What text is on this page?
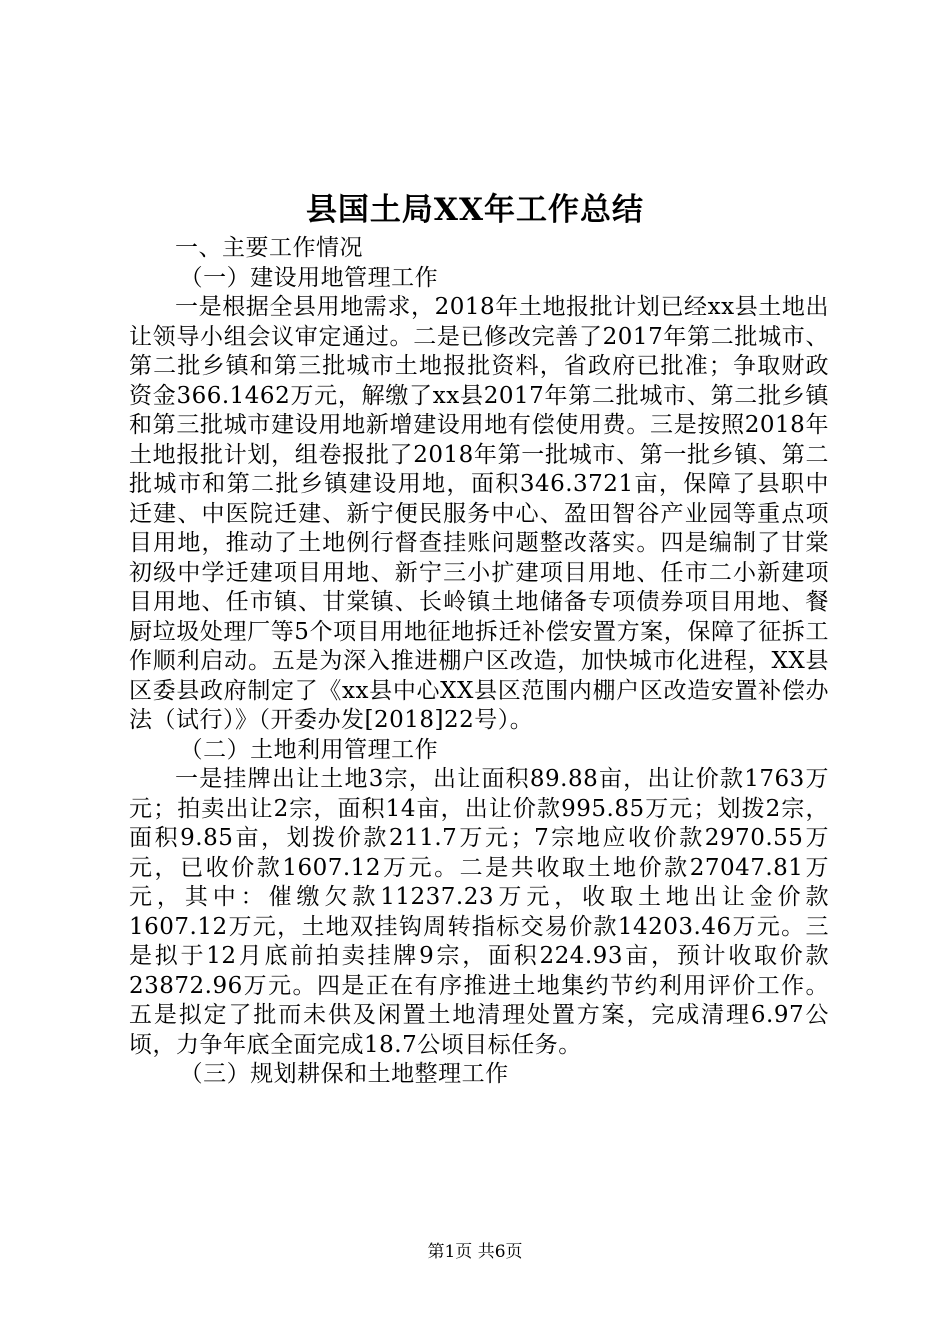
县国土局XX年工作总结

一、主要工作情况

（一）建设用地管理工作

一是根据全县用地需求，2018年土地报批计划已经xx县土地出让领导小组会议审定通过。二是已修改完善了2017年第二批城市、第二批乡镇和第三批城市土地报批资料，省政府已批准；争取财政资金366.1462万元，解缴了xx县2017年第二批城市、第二批乡镇和第三批城市建设用地新增建设用地有偿使用费。三是按照2018年土地报批计划，组卷报批了2018年第一批城市、第一批乡镇、第二批城市和第二批乡镇建设用地，面积346.3721亩，保障了县职中迁建、中医院迁建、新宁便民服务中心、盈田智谷产业园等重点项目用地，推动了土地例行督查挂账问题整改落实。四是编制了甘棠初级中学迁建项目用地、新宁三小扩建项目用地、任市二小新建项目用地、任市镇、甘棠镇、长岭镇土地储备专项债券项目用地、餐厨垃圾处理厂等5个项目用地征地拆迁补偿安置方案，保障了征拆工作顺利启动。五是为深入推进棚户区改造，加快城市化进程，XX县区委县政府制定了《xx县中心XX县区范围内棚户区改造安置补偿办法（试行）》（开委办发[2018]22号）。

（二）土地利用管理工作

一是挂牌出让土地3宗，出让面积89.88亩，出让价款1763万元；拍卖出让2宗，面积14亩，出让价款995.85万元；划拨2宗，面积9.85亩，划拨价款211.7万元；7宗地应收价款2970.55万元，已收价款1607.12万元。二是共收取土地价款27047.81万元，其中：催缴欠款11237.23万元，收取土地出让金价款1607.12万元，土地双挂钩周转指标交易价款14203.46万元。三是拟于12月底前拍卖挂牌9宗，面积224.93亩，预计收取价款23872.96万元。四是正在有序推进土地集约节约利用评价工作。五是拟定了批而未供及闲置土地清理处置方案，完成清理6.97公顷，力争年底全面完成18.7公顷目标任务。

（三）规划耕保和土地整理工作

第1页 共6页
